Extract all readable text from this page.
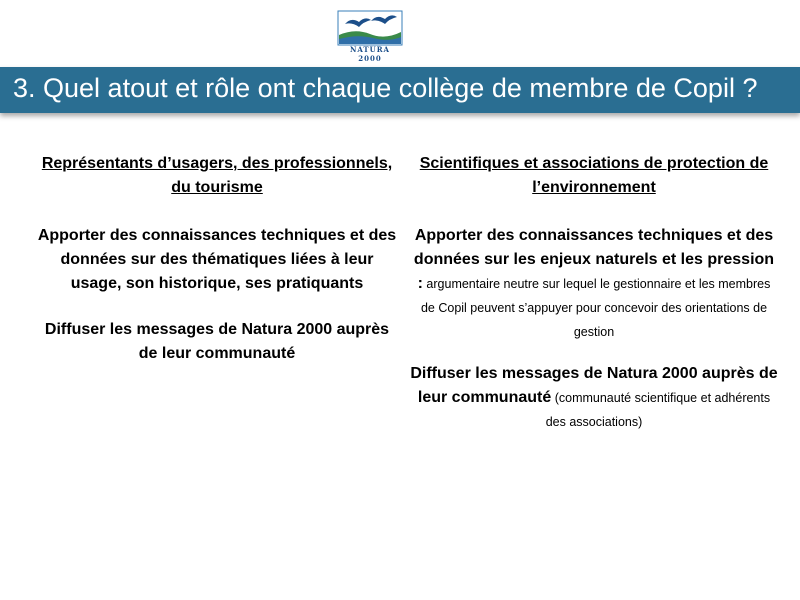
NATURA 2000
3. Quel atout et rôle ont chaque collège de membre de Copil ?

Représentants d’usagers, des professionnels, du tourisme

Apporter des connaissances techniques et des données sur des thématiques liées à leur usage, son historique, ses pratiquants

Diffuser les messages de Natura 2000 auprès de leur communauté

Scientifiques et associations de protection de l’environnement

Apporter des connaissances techniques et des données sur les enjeux naturels et les pression : argumentaire neutre sur lequel le gestionnaire et les membres de Copil peuvent s’appuyer pour concevoir des orientations de gestion

Diffuser les messages de Natura 2000 auprès de leur communauté (communauté scientifique et adhérents des associations)
